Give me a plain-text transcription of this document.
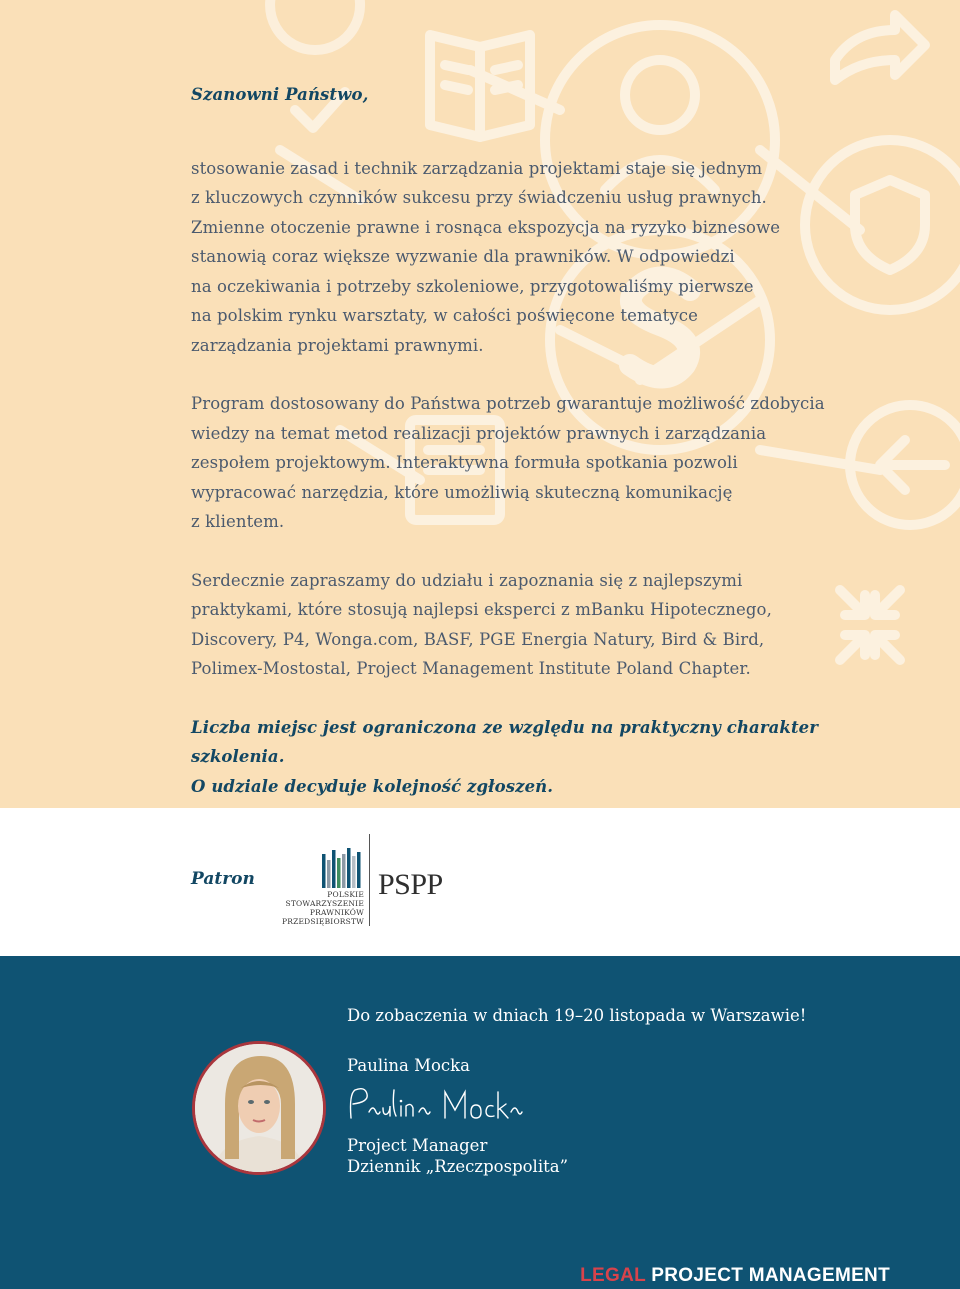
Szanowni Państwo,

stosowanie zasad i technik zarządzania projektami staje się jednym
z kluczowych czynników sukcesu przy świadczeniu usług prawnych.
Zmienne otoczenie prawne i rosnąca ekspozycja na ryzyko biznesowe
stanowią coraz większe wyzwanie dla prawników. W odpowiedzi
na oczekiwania i potrzeby szkoleniowe, przygotowaliśmy pierwsze
na polskim rynku warsztaty, w całości poświęcone tematyce
zarządzania projektami prawnymi.

Program dostosowany do Państwa potrzeb gwarantuje możliwość zdobycia
wiedzy na temat metod realizacji projektów prawnych i zarządzania
zespołem projektowym. Interaktywna formuła spotkania pozwoli
wypracować narzędzia, które umożliwią skuteczną komunikację
z klientem.

Serdecznie zapraszamy do udziału i zapoznania się z najlepszymi
praktykami, które stosują najlepsi eksperci z mBanku Hipotecznego,
Discovery, P4, Wonga.com, BASF, PGE Energia Natury, Bird & Bird,
Polimex-Mostostal, Project Management Institute Poland Chapter.

Liczba miejsc jest ograniczona ze względu na praktyczny charakter szkolenia.
O udziale decyduje kolejność zgłoszeń.

Patron
POLSKIE
STOWARZYSZENIE
PRAWNIKÓW
PRZEDSIĘBIORSTW
PSPP
Do zobaczenia w dniach 19–20 listopada w Warszawie!
Paulina Mocka
Project Manager
Dziennik „Rzeczpospolita”
LEGAL PROJECT MANAGEMENT
